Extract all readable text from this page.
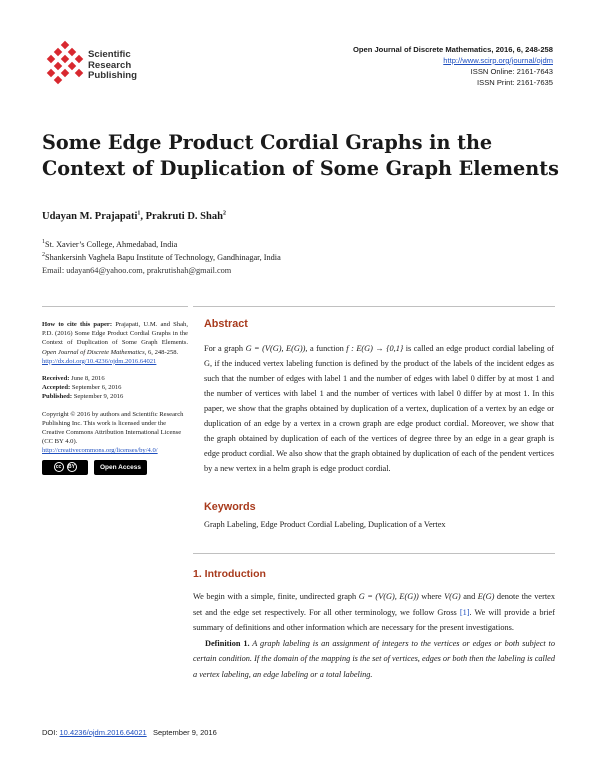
Scientific
Research
Publishing
Open Journal of Discrete Mathematics, 2016, 6, 248-258
http://www.scirp.org/journal/ojdm
ISSN Online: 2161-7643
ISSN Print: 2161-7635
Some Edge Product Cordial Graphs in the
Context of Duplication of Some Graph Elements
Udayan M. Prajapati$^1$, Prakruti D. Shah$^2$
$^1$St. Xavier’s College, Ahmedabad, India
$^2$Shankersinh Vaghela Bapu Institute of Technology, Gandhinagar, India
Email: udayan64@yahoo.com, prakrutishah@gmail.com
How to cite this paper: Prajapati, U.M. and Shah, P.D. (2016) Some Edge Product Cordial Graphs in the Context of Duplication of Some Graph Elements. Open Journal of Discrete Mathematics, 6, 248-258.
http://dx.doi.org/10.4236/ojdm.2016.64021
Received: June 8, 2016
Accepted: September 6, 2016
Published: September 9, 2016
Copyright © 2016 by authors and Scientific Research Publishing Inc. This work is licensed under the Creative Commons Attribution International License (CC BY 4.0).
http://creativecommons.org/licenses/by/4.0/
cc	BY	Open Access
Abstract
For a graph G = (V(G), E(G)), a function f : E(G) → {0,1} is called an edge product cordial labeling of G, if the induced vertex labeling function is defined by the product of the labels of the incident edges as such that the number of edges with label 1 and the number of edges with label 0 differ by at most 1 and the number of vertices with label 1 and the number of vertices with label 0 differ by at most 1. In this paper, we show that the graphs obtained by duplication of a vertex, duplication of a vertex by an edge or duplication of an edge by a vertex in a crown graph are edge product cordial. Moreover, we show that the graph obtained by duplication of each of the vertices of degree three by an edge in a gear graph is edge product cordial. We also show that the graph obtained by duplication of each of the pendent vertices by a new vertex in a helm graph is edge product cordial.
Keywords
Graph Labeling, Edge Product Cordial Labeling, Duplication of a Vertex
1. Introduction
We begin with a simple, finite, undirected graph G = (V(G), E(G)) where V(G) and E(G) denote the vertex set and the edge set respectively. For all other terminology, we follow Gross [1]. We will provide a brief summary of definitions and other information which are necessary for the present investigations.
Definition 1. A graph labeling is an assignment of integers to the vertices or edges or both subject to certain condition. If the domain of the mapping is the set of vertices, edges or both then the labeling is called a vertex labeling, an edge labeling or a total labeling.
DOI: 10.4236/ojdm.2016.64021 September 9, 2016
